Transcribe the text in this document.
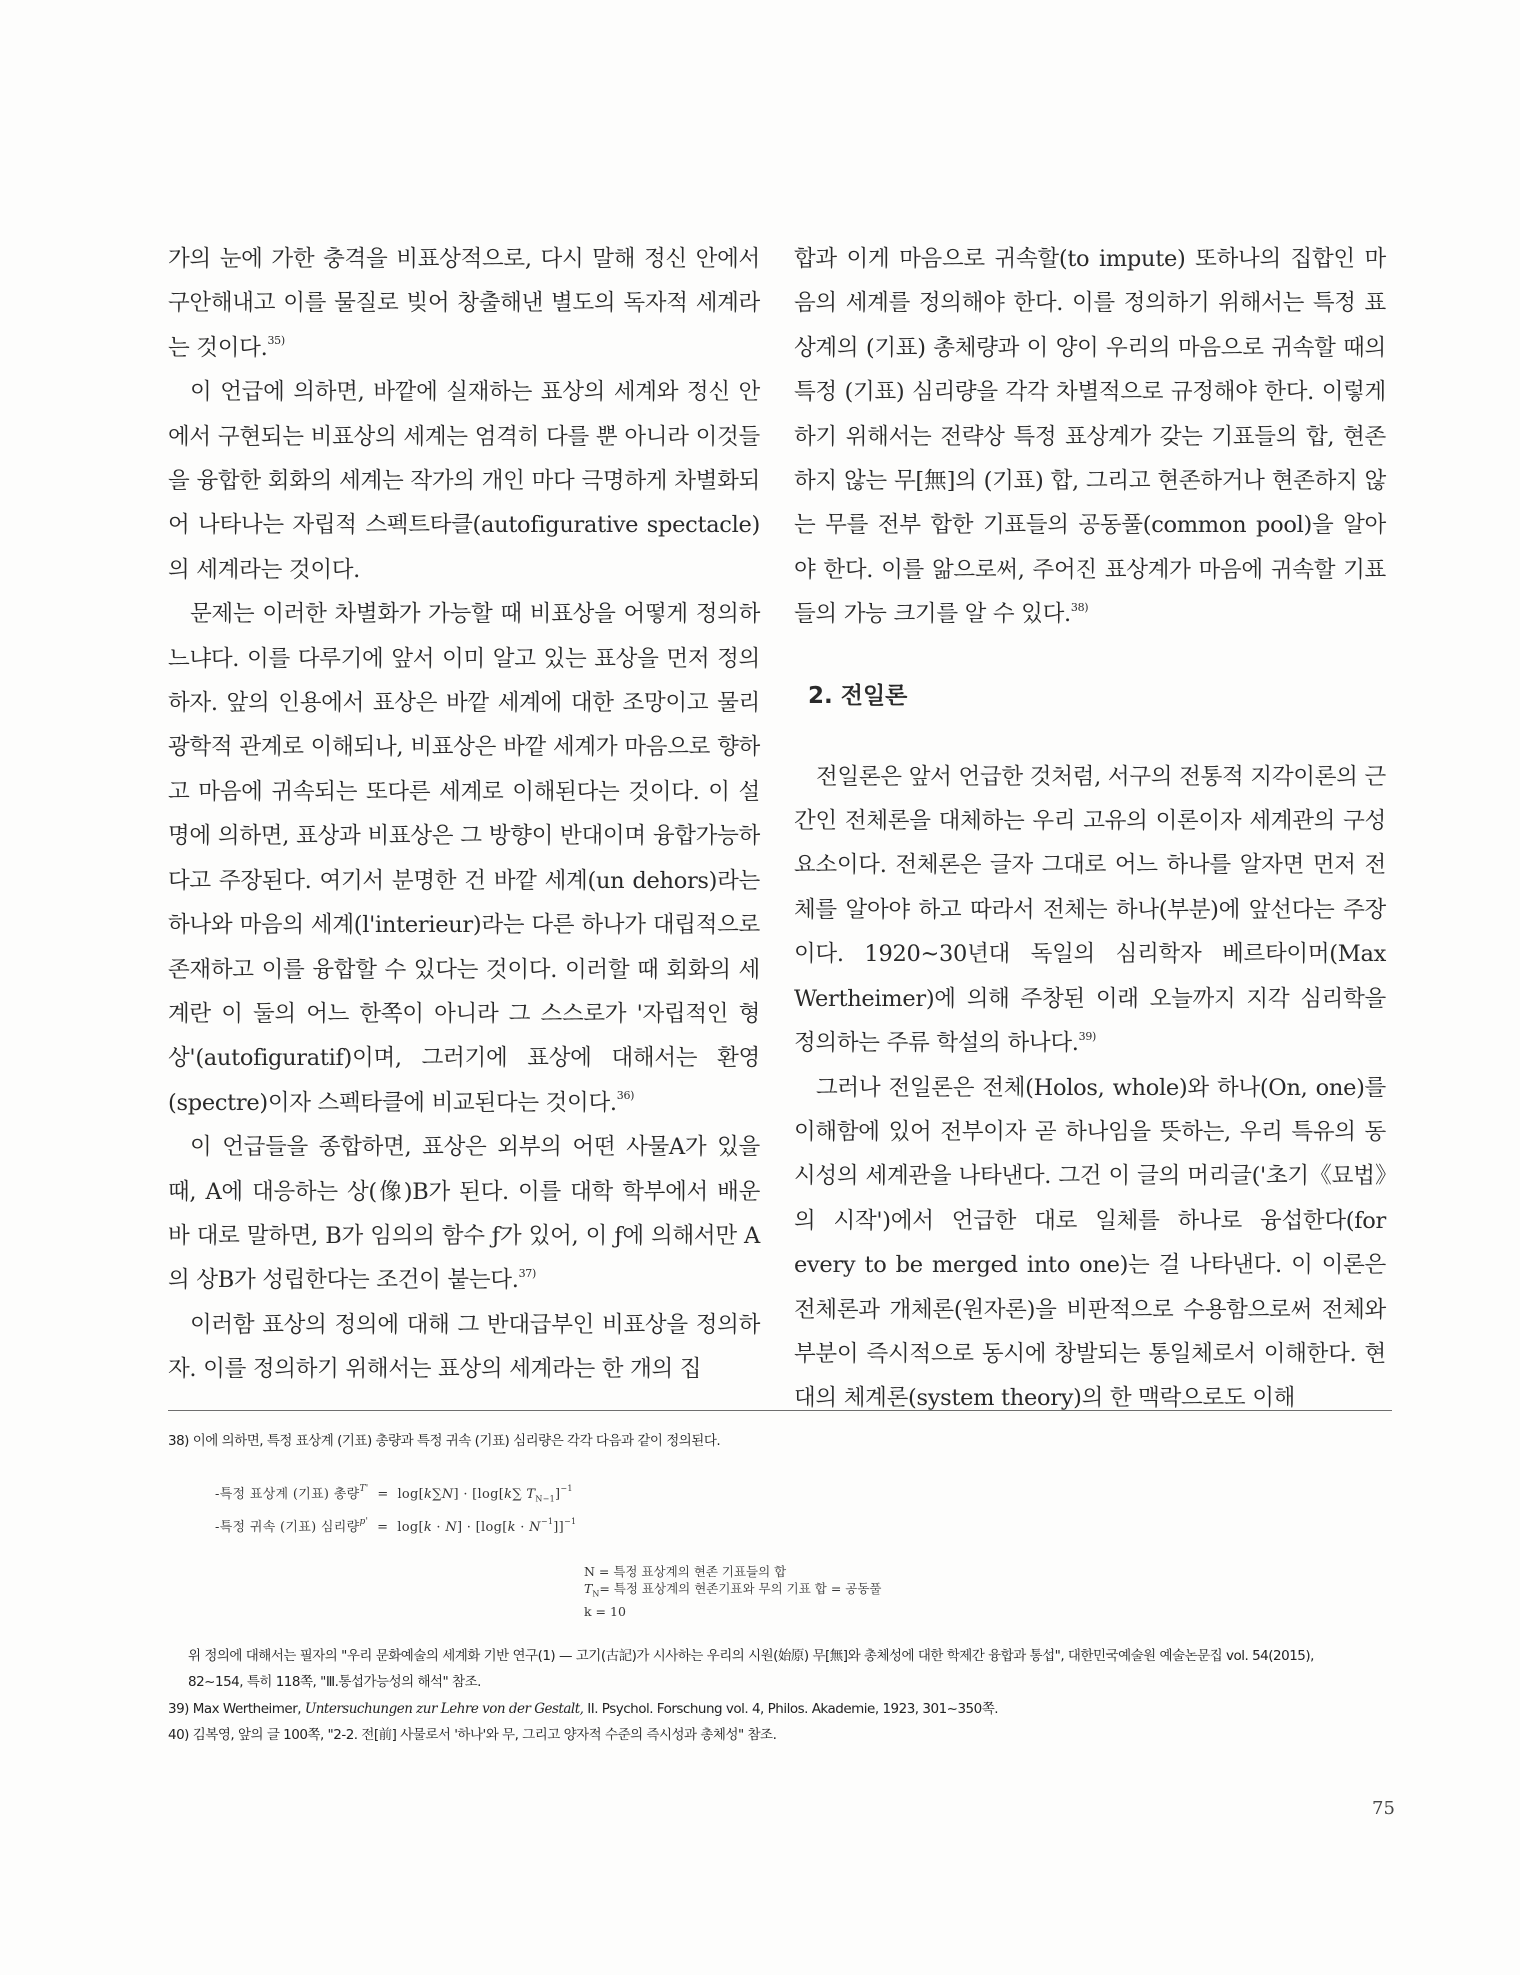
가의 눈에 가한 충격을 비표상적으로, 다시 말해 정신 안에서 구안해내고 이를 물질로 빚어 창출해낸 별도의 독자적 세계라는 것이다.$^{35)}$

이 언급에 의하면, 바깥에 실재하는 표상의 세계와 정신 안에서 구현되는 비표상의 세계는 엄격히 다를 뿐 아니라 이것들을 융합한 회화의 세계는 작가의 개인 마다 극명하게 차별화되어 나타나는 자립적 스펙트타클(autofigurative spectacle)의 세계라는 것이다.

문제는 이러한 차별화가 가능할 때 비표상을 어떻게 정의하느냐다. 이를 다루기에 앞서 이미 알고 있는 표상을 먼저 정의하자. 앞의 인용에서 표상은 바깥 세계에 대한 조망이고 물리 광학적 관계로 이해되나, 비표상은 바깥 세계가 마음으로 향하고 마음에 귀속되는 또다른 세계로 이해된다는 것이다. 이 설명에 의하면, 표상과 비표상은 그 방향이 반대이며 융합가능하다고 주장된다. 여기서 분명한 건 바깥 세계(un dehors)라는 하나와 마음의 세계(l'interieur)라는 다른 하나가 대립적으로 존재하고 이를 융합할 수 있다는 것이다. 이러할 때 회화의 세계란 이 둘의 어느 한쪽이 아니라 그 스스로가 '자립적인 형상'(autofiguratif)이며, 그러기에 표상에 대해서는 환영(spectre)이자 스펙타클에 비교된다는 것이다.$^{36)}$

이 언급들을 종합하면, 표상은 외부의 어떤 사물A가 있을 때, A에 대응하는 상(像)B가 된다. 이를 대학 학부에서 배운 바 대로 말하면, B가 임의의 함수 ƒ가 있어, 이 ƒ에 의해서만 A의 상B가 성립한다는 조건이 붙는다.$^{37)}$

이러함 표상의 정의에 대해 그 반대급부인 비표상을 정의하자. 이를 정의하기 위해서는 표상의 세계라는 한 개의 집

합과 이게 마음으로 귀속할(to impute) 또하나의 집합인 마음의 세계를 정의해야 한다. 이를 정의하기 위해서는 특정 표상계의 (기표) 총체량과 이 양이 우리의 마음으로 귀속할 때의 특정 (기표) 심리량을 각각 차별적으로 규정해야 한다. 이렇게 하기 위해서는 전략상 특정 표상계가 갖는 기표들의 합, 현존하지 않는 무[無]의 (기표) 합, 그리고 현존하거나 현존하지 않는 무를 전부 합한 기표들의 공동풀(common pool)을 알아야 한다. 이를 앎으로써, 주어진 표상계가 마음에 귀속할 기표들의 가능 크기를 알 수 있다.$^{38)}$

2. 전일론

전일론은 앞서 언급한 것처럼, 서구의 전통적 지각이론의 근간인 전체론을 대체하는 우리 고유의 이론이자 세계관의 구성요소이다. 전체론은 글자 그대로 어느 하나를 알자면 먼저 전체를 알아야 하고 따라서 전체는 하나(부분)에 앞선다는 주장이다. 1920~30년대 독일의 심리학자 베르타이머(Max Wertheimer)에 의해 주창된 이래 오늘까지 지각 심리학을 정의하는 주류 학설의 하나다.$^{39)}$

그러나 전일론은 전체(Holos, whole)와 하나(On, one)를 이해함에 있어 전부이자 곧 하나임을 뜻하는, 우리 특유의 동시성의 세계관을 나타낸다. 그건 이 글의 머리글('초기《묘법》의 시작')에서 언급한 대로 일체를 하나로 융섭한다(for every to be merged into one)는 걸 나타낸다. 이 이론은 전체론과 개체론(원자론)을 비판적으로 수용함으로써 전체와 부분이 즉시적으로 동시에 창발되는 통일체로서 이해한다. 현대의 체계론(system theory)의 한 맥락으로도 이해

38) 이에 의하면, 특정 표상계 (기표) 총량과 특정 귀속 (기표) 심리량은 각각 다음과 같이 정의된다.
-특정 표상계 (기표) 총량$^{T'}$  =  log[k∑N] · [log[k∑ $T_{N-1}]^{-1}$
-특정 귀속 (기표) 심리량$^{p'} = \log[k \cdot N] \cdot [\log[k \cdot N^{-1}]]^{-1}$
N = 특정 표상계의 현존 기표들의 합
$T_N=$ 특정 표상계의 현존기표와 무의 기표 합 = 공동풀
k = 10
위 정의에 대해서는 필자의 "우리 문화예술의 세계화 기반 연구(1) — 고기(古記)가 시사하는 우리의 시원(始原) 무[無]와 총체성에 대한 학제간 융합과 통섭", 대한민국예술원 예술논문집 vol. 54(2015),
82~154, 특히 118쪽, "Ⅲ.통섭가능성의 해석" 참조.
39) Max Wertheimer, Untersuchungen zur Lehre von der Gestalt, II. Psychol. Forschung vol. 4, Philos. Akademie, 1923, 301~350쪽.
40) 김복영, 앞의 글 100쪽, "2-2. 전[前] 사물로서 '하나'와 무, 그리고 양자적 수준의 즉시성과 총체성" 참조.
75
